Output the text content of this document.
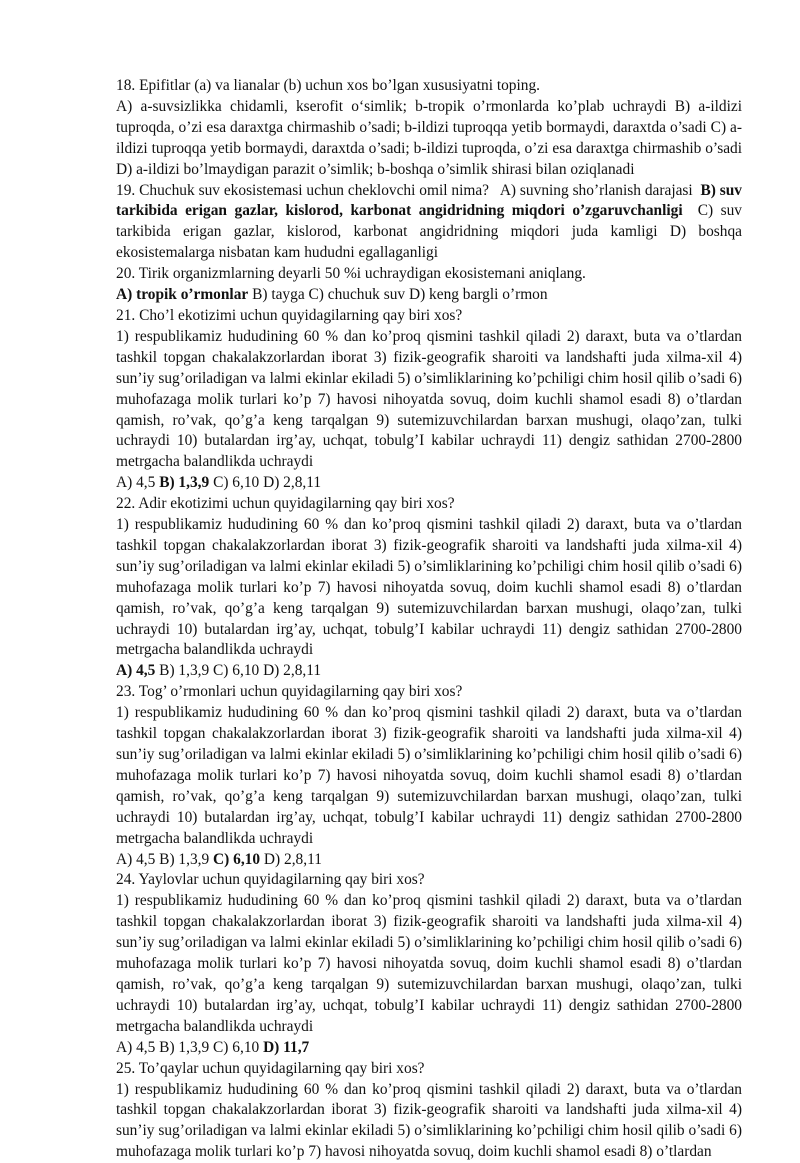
18. Epifitlar (a) va lianalar (b) uchun xos bo’lgan xususiyatni toping.
A) a-suvsizlikka chidamli, kserofit o‘simlik; b-tropik o’rmonlarda ko’plab uchraydi B) a-ildizi tuproqda, o’zi esa daraxtga chirmashib o’sadi; b-ildizi tuproqqa yetib bormaydi, daraxtda o’sadi C) a- ildizi tuproqqa yetib bormaydi, daraxtda o’sadi; b-ildizi tuproqda, o’zi esa daraxtga chirmashib o’sadi D) a-ildizi bo’lmaydigan parazit o’simlik; b-boshqa o’simlik shirasi bilan oziqlanadi
19. Chuchuk suv ekosistemasi uchun cheklovchi omil nima? A) suvning sho’rlanish darajasi B) suv tarkibida erigan gazlar, kislorod, karbonat angidridning miqdori o’zgaruvchanligi C) suv tarkibida erigan gazlar, kislorod, karbonat angidridning miqdori juda kamligi D) boshqa ekosistemalarga nisbatan kam hududni egallaganligi
20. Tirik organizmlarning deyarli 50 %i uchraydigan ekosistemani aniqlang.
A) tropik o’rmonlar B) tayga C) chuchuk suv D) keng bargli o’rmon
21. Cho’l ekotizimi uchun quyidagilarning qay biri xos?
1) respublikamiz hududining 60 % dan ko’proq qismini tashkil qiladi 2) daraxt, buta va o’tlardan tashkil topgan chakalakzorlardan iborat 3) fizik-geografik sharoiti va landshafti juda xilma-xil 4) sun’iy sug’oriladigan va lalmi ekinlar ekiladi 5) o’simliklarining ko’pchiligi chim hosil qilib o’sadi 6) muhofazaga molik turlari ko’p 7) havosi nihoyatda sovuq, doim kuchli shamol esadi 8) o’tlardan qamish, ro’vak, qo’g’a keng tarqalgan 9) sutemizuvchilardan barxan mushugi, olaqo’zan, tulki uchraydi 10) butalardan irg’ay, uchqat, tobulg’I kabilar uchraydi 11) dengiz sathidan 2700-2800 metrgacha balandlikda uchraydi
A) 4,5 B) 1,3,9 C) 6,10 D) 2,8,11
22. Adir ekotizimi uchun quyidagilarning qay biri xos?
1) respublikamiz hududining 60 % dan ko’proq qismini tashkil qiladi 2) daraxt, buta va o’tlardan tashkil topgan chakalakzorlardan iborat 3) fizik-geografik sharoiti va landshafti juda xilma-xil 4) sun’iy sug’oriladigan va lalmi ekinlar ekiladi 5) o’simliklarining ko’pchiligi chim hosil qilib o’sadi 6) muhofazaga molik turlari ko’p 7) havosi nihoyatda sovuq, doim kuchli shamol esadi 8) o’tlardan qamish, ro’vak, qo’g’a keng tarqalgan 9) sutemizuvchilardan barxan mushugi, olaqo’zan, tulki uchraydi 10) butalardan irg’ay, uchqat, tobulg’I kabilar uchraydi 11) dengiz sathidan 2700-2800 metrgacha balandlikda uchraydi
A) 4,5 B) 1,3,9 C) 6,10 D) 2,8,11
23. Tog’ o’rmonlari uchun quyidagilarning qay biri xos?
1) respublikamiz hududining 60 % dan ko’proq qismini tashkil qiladi 2) daraxt, buta va o’tlardan tashkil topgan chakalakzorlardan iborat 3) fizik-geografik sharoiti va landshafti juda xilma-xil 4) sun’iy sug’oriladigan va lalmi ekinlar ekiladi 5) o’simliklarining ko’pchiligi chim hosil qilib o’sadi 6) muhofazaga molik turlari ko’p 7) havosi nihoyatda sovuq, doim kuchli shamol esadi 8) o’tlardan qamish, ro’vak, qo’g’a keng tarqalgan 9) sutemizuvchilardan barxan mushugi, olaqo’zan, tulki uchraydi 10) butalardan irg’ay, uchqat, tobulg’I kabilar uchraydi 11) dengiz sathidan 2700-2800 metrgacha balandlikda uchraydi
A) 4,5 B) 1,3,9 C) 6,10 D) 2,8,11
24. Yaylovlar uchun quyidagilarning qay biri xos?
1) respublikamiz hududining 60 % dan ko’proq qismini tashkil qiladi 2) daraxt, buta va o’tlardan tashkil topgan chakalakzorlardan iborat 3) fizik-geografik sharoiti va landshafti juda xilma-xil 4) sun’iy sug’oriladigan va lalmi ekinlar ekiladi 5) o’simliklarining ko’pchiligi chim hosil qilib o’sadi 6) muhofazaga molik turlari ko’p 7) havosi nihoyatda sovuq, doim kuchli shamol esadi 8) o’tlardan qamish, ro’vak, qo’g’a keng tarqalgan 9) sutemizuvchilardan barxan mushugi, olaqo’zan, tulki uchraydi 10) butalardan irg’ay, uchqat, tobulg’I kabilar uchraydi 11) dengiz sathidan 2700-2800 metrgacha balandlikda uchraydi
A) 4,5 B) 1,3,9 C) 6,10 D) 11,7
25. To’qaylar uchun quyidagilarning qay biri xos?
1) respublikamiz hududining 60 % dan ko’proq qismini tashkil qiladi 2) daraxt, buta va o’tlardan tashkil topgan chakalakzorlardan iborat 3) fizik-geografik sharoiti va landshafti juda xilma-xil 4) sun’iy sug’oriladigan va lalmi ekinlar ekiladi 5) o’simliklarining ko’pchiligi chim hosil qilib o’sadi 6) muhofazaga molik turlari ko’p 7) havosi nihoyatda sovuq, doim kuchli shamol esadi 8) o’tlardan
